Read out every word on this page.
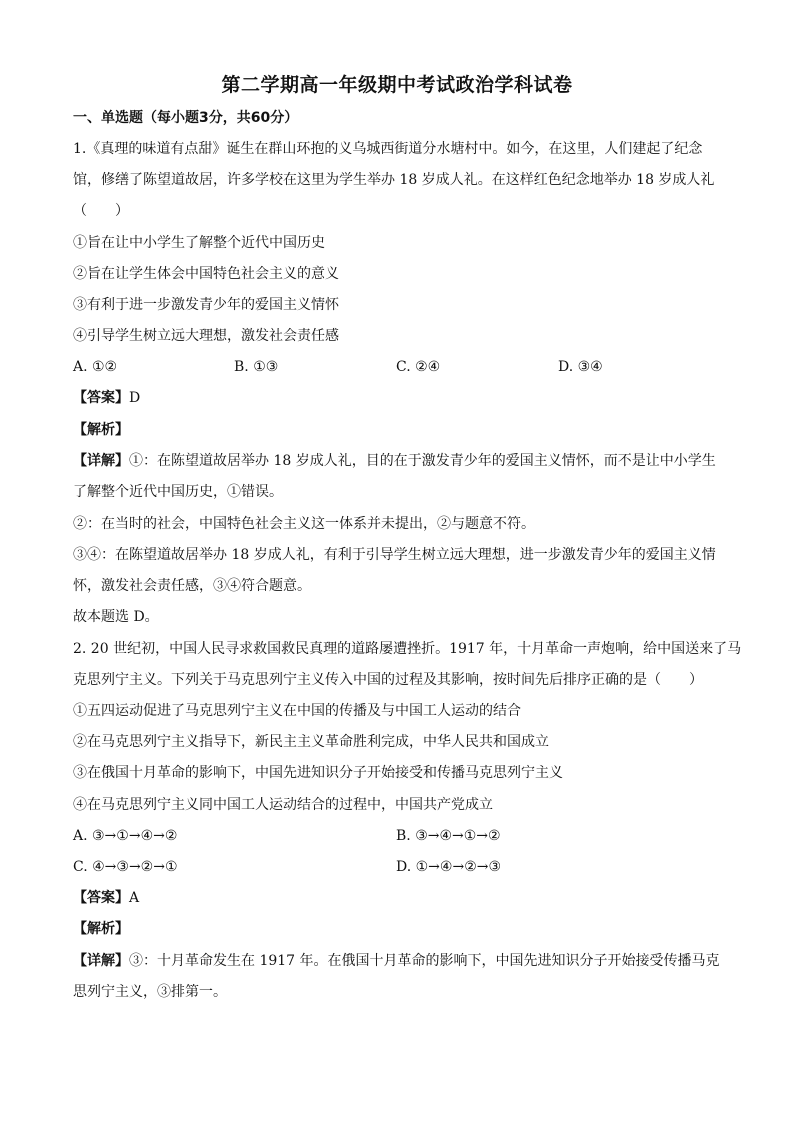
第二学期高一年级期中考试政治学科试卷
一、单选题（每小题3分，共60分）
1.《真理的味道有点甜》诞生在群山环抱的义乌城西街道分水塘村中。如今，在这里，人们建起了纪念
馆，修缮了陈望道故居，许多学校在这里为学生举办 18 岁成人礼。在这样红色纪念地举办 18 岁成人礼
（　　）
①旨在让中小学生了解整个近代中国历史
②旨在让学生体会中国特色社会主义的意义
③有利于进一步激发青少年的爱国主义情怀
④引导学生树立远大理想，激发社会责任感
A. ①②	B. ①③	C. ②④	D. ③④
【答案】D
【解析】
【详解】①：在陈望道故居举办 18 岁成人礼，目的在于激发青少年的爱国主义情怀，而不是让中小学生
了解整个近代中国历史，①错误。
②：在当时的社会，中国特色社会主义这一体系并未提出，②与题意不符。
③④：在陈望道故居举办 18 岁成人礼，有利于引导学生树立远大理想，进一步激发青少年的爱国主义情
怀，激发社会责任感，③④符合题意。
故本题选 D。
2. 20 世纪初，中国人民寻求救国救民真理的道路屡遭挫折。1917 年，十月革命一声炮响，给中国送来了马
克思列宁主义。下列关于马克思列宁主义传入中国的过程及其影响，按时间先后排序正确的是（　　）
①五四运动促进了马克思列宁主义在中国的传播及与中国工人运动的结合
②在马克思列宁主义指导下，新民主主义革命胜利完成，中华人民共和国成立
③在俄国十月革命的影响下，中国先进知识分子开始接受和传播马克思列宁主义
④在马克思列宁主义同中国工人运动结合的过程中，中国共产党成立
A. ③→①→④→②	B. ③→④→①→②
C. ④→③→②→①	D. ①→④→②→③
【答案】A
【解析】
【详解】③：十月革命发生在 1917 年。在俄国十月革命的影响下，中国先进知识分子开始接受传播马克
思列宁主义，③排第一。
